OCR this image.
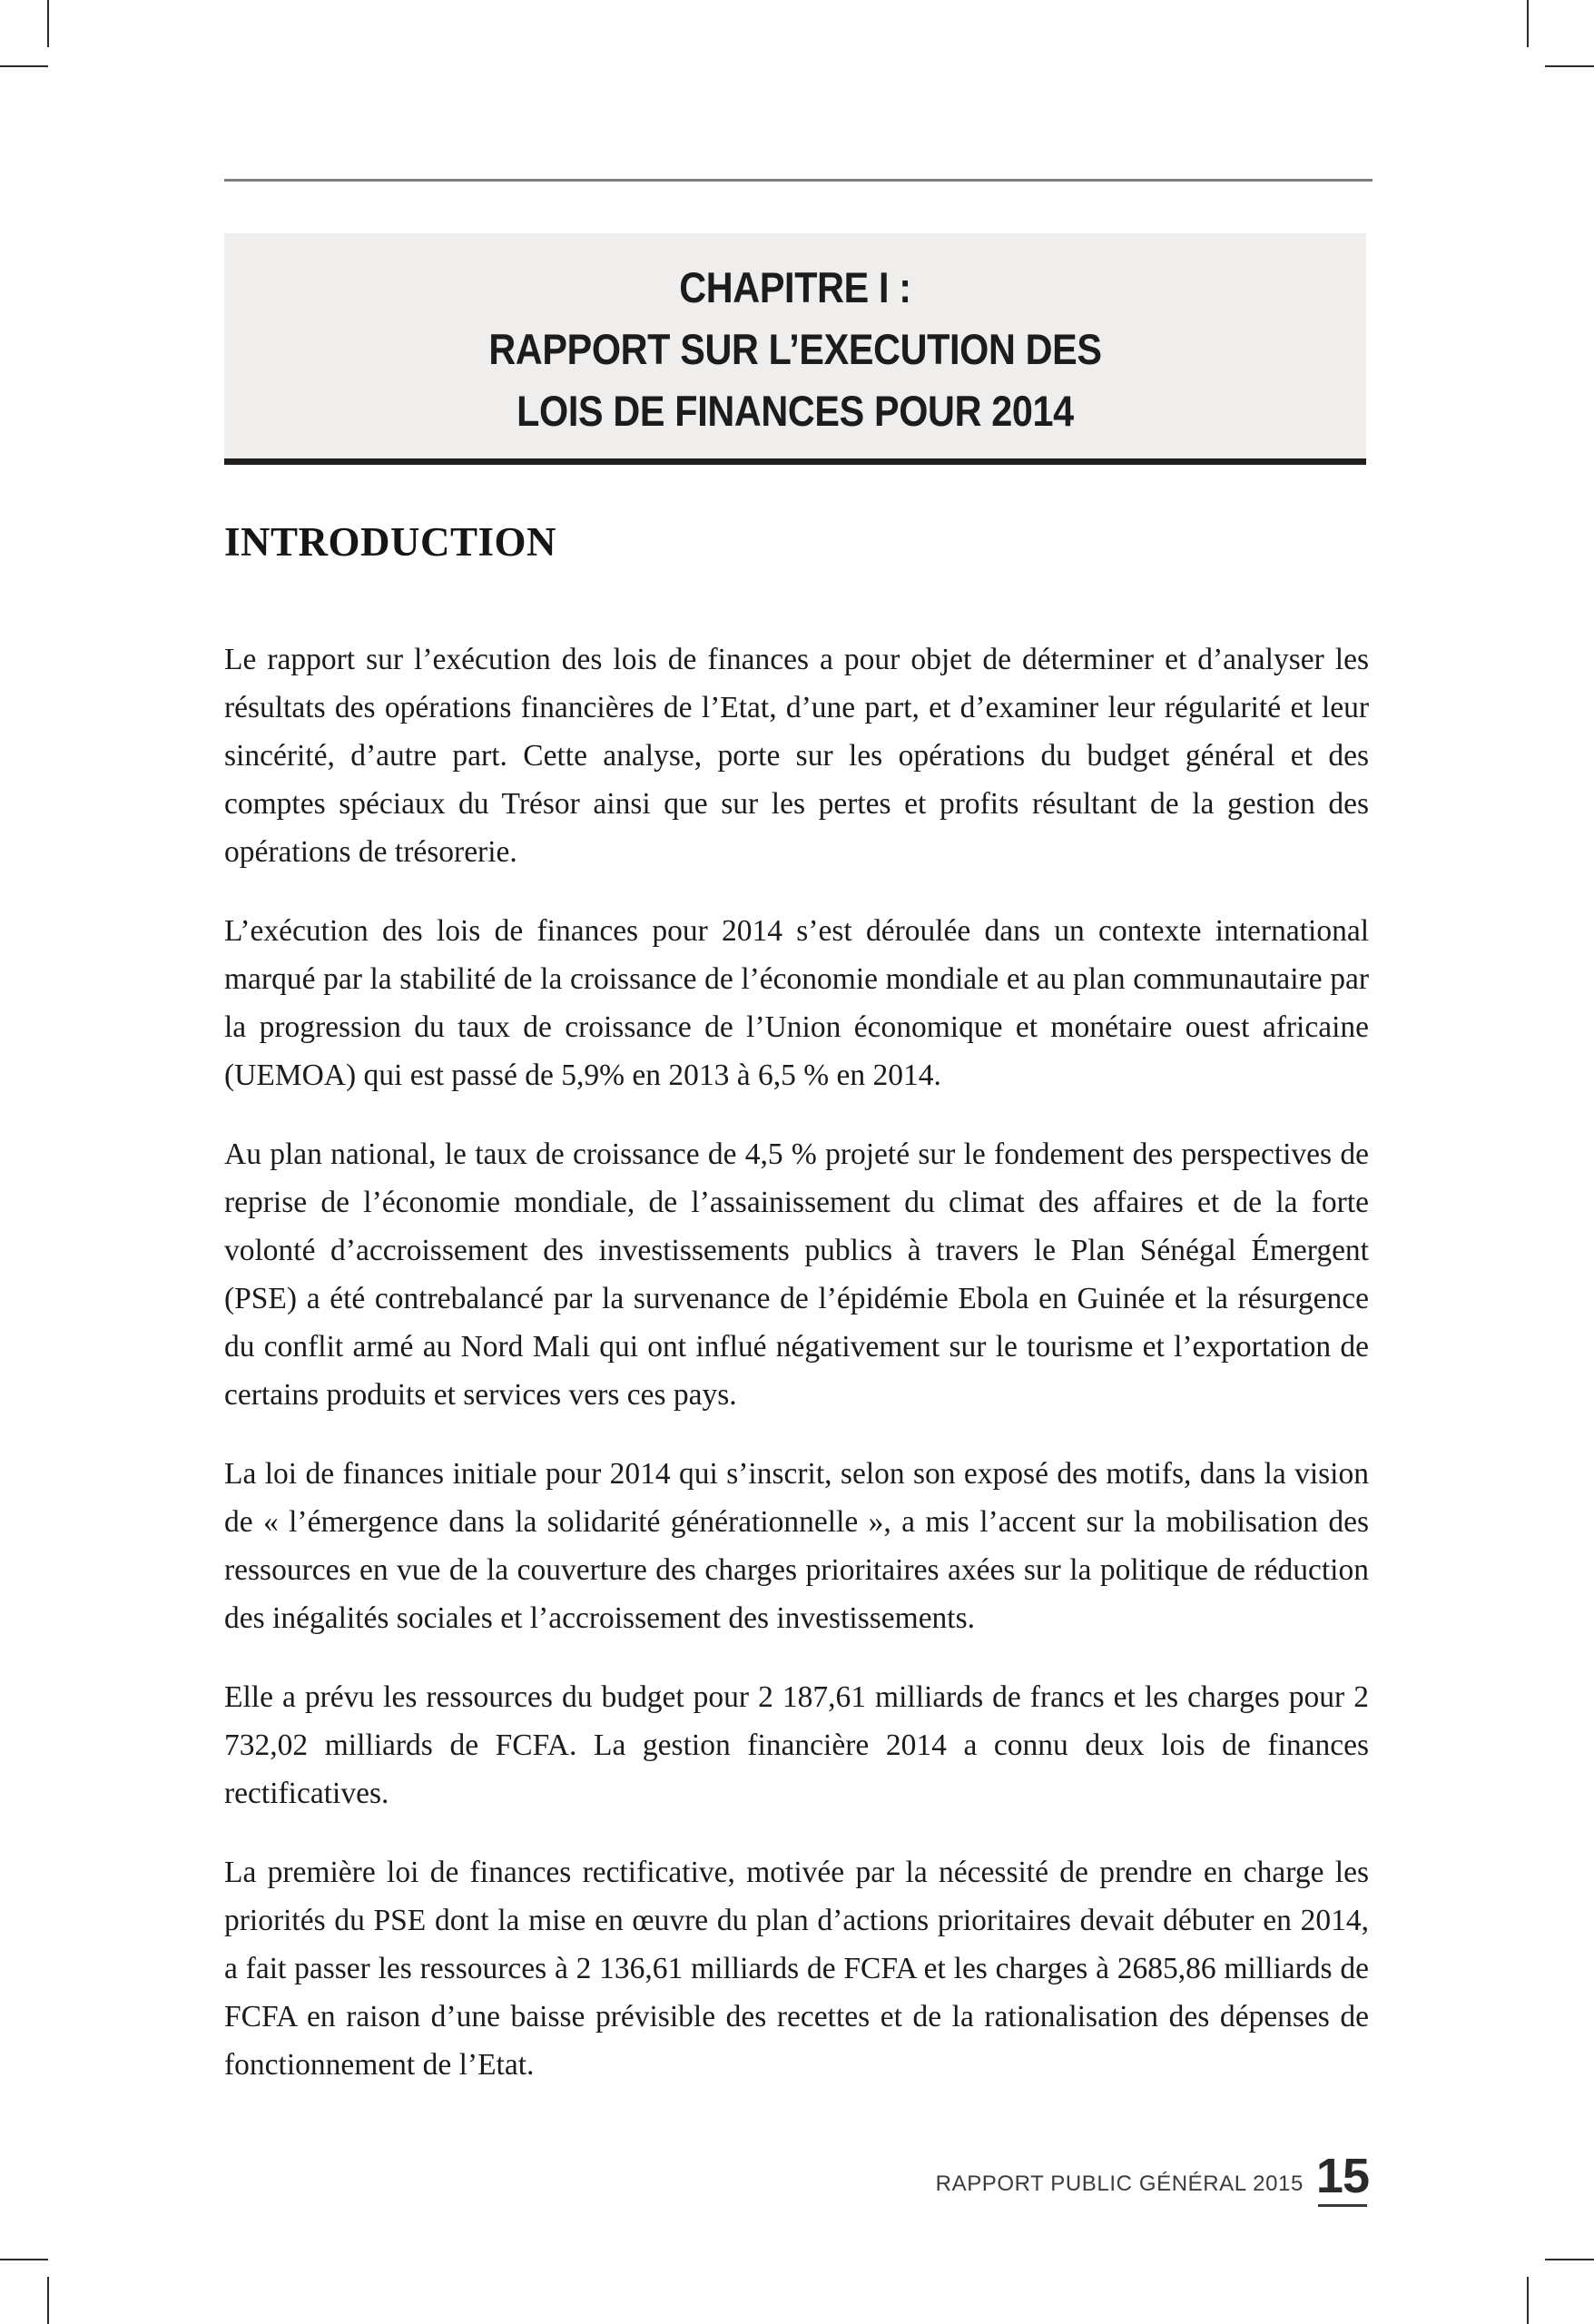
CHAPITRE I :
RAPPORT SUR L’EXECUTION DES
LOIS DE FINANCES POUR 2014
INTRODUCTION

Le rapport sur l’exécution des lois de finances a pour objet de déterminer et d’analyser les résultats des opérations financières de l’Etat, d’une part, et d’examiner leur régularité et leur sincérité, d’autre part. Cette analyse, porte sur les opérations du budget général et des comptes spéciaux du Trésor ainsi que sur les pertes et profits résultant de la gestion des opérations de trésorerie.

L’exécution des lois de finances pour 2014 s’est déroulée dans un contexte international marqué par la stabilité de la croissance de l’économie mondiale et au plan communautaire par la progression du taux de croissance de l’Union économique et monétaire ouest africaine (UEMOA) qui est passé de 5,9% en 2013 à 6,5 % en 2014.

Au plan national, le taux de croissance de 4,5 % projeté sur le fondement des perspectives de reprise de l’économie mondiale, de l’assainissement du climat des affaires et de la forte volonté d’accroissement des investissements publics à travers le Plan Sénégal Émergent (PSE) a été contrebalancé par la survenance de l’épidémie Ebola en Guinée et la résurgence du conflit armé au Nord Mali qui ont influé négativement sur le tourisme et l’exportation de certains produits et services vers ces pays.

La loi de finances initiale pour 2014 qui s’inscrit, selon son exposé des motifs, dans la vision de « l’émergence dans la solidarité générationnelle », a mis l’accent sur la mobilisation des ressources en vue de la couverture des charges prioritaires axées sur la politique de réduction des inégalités sociales et l’accroissement des investissements.

Elle a prévu les ressources du budget pour 2 187,61 milliards de francs et les charges pour 2 732,02 milliards de FCFA. La gestion financière 2014 a connu deux lois de finances rectificatives.

La première loi de finances rectificative, motivée par la nécessité de prendre en charge les priorités du PSE dont la mise en œuvre du plan d’actions prioritaires devait débuter en 2014, a fait passer les ressources à 2 136,61 milliards de FCFA et les charges à 2685,86 milliards de FCFA en raison d’une baisse prévisible des recettes et de la rationalisation des dépenses de fonctionnement de l’Etat.

RAPPORT PUBLIC GÉNÉRAL 2015 15
